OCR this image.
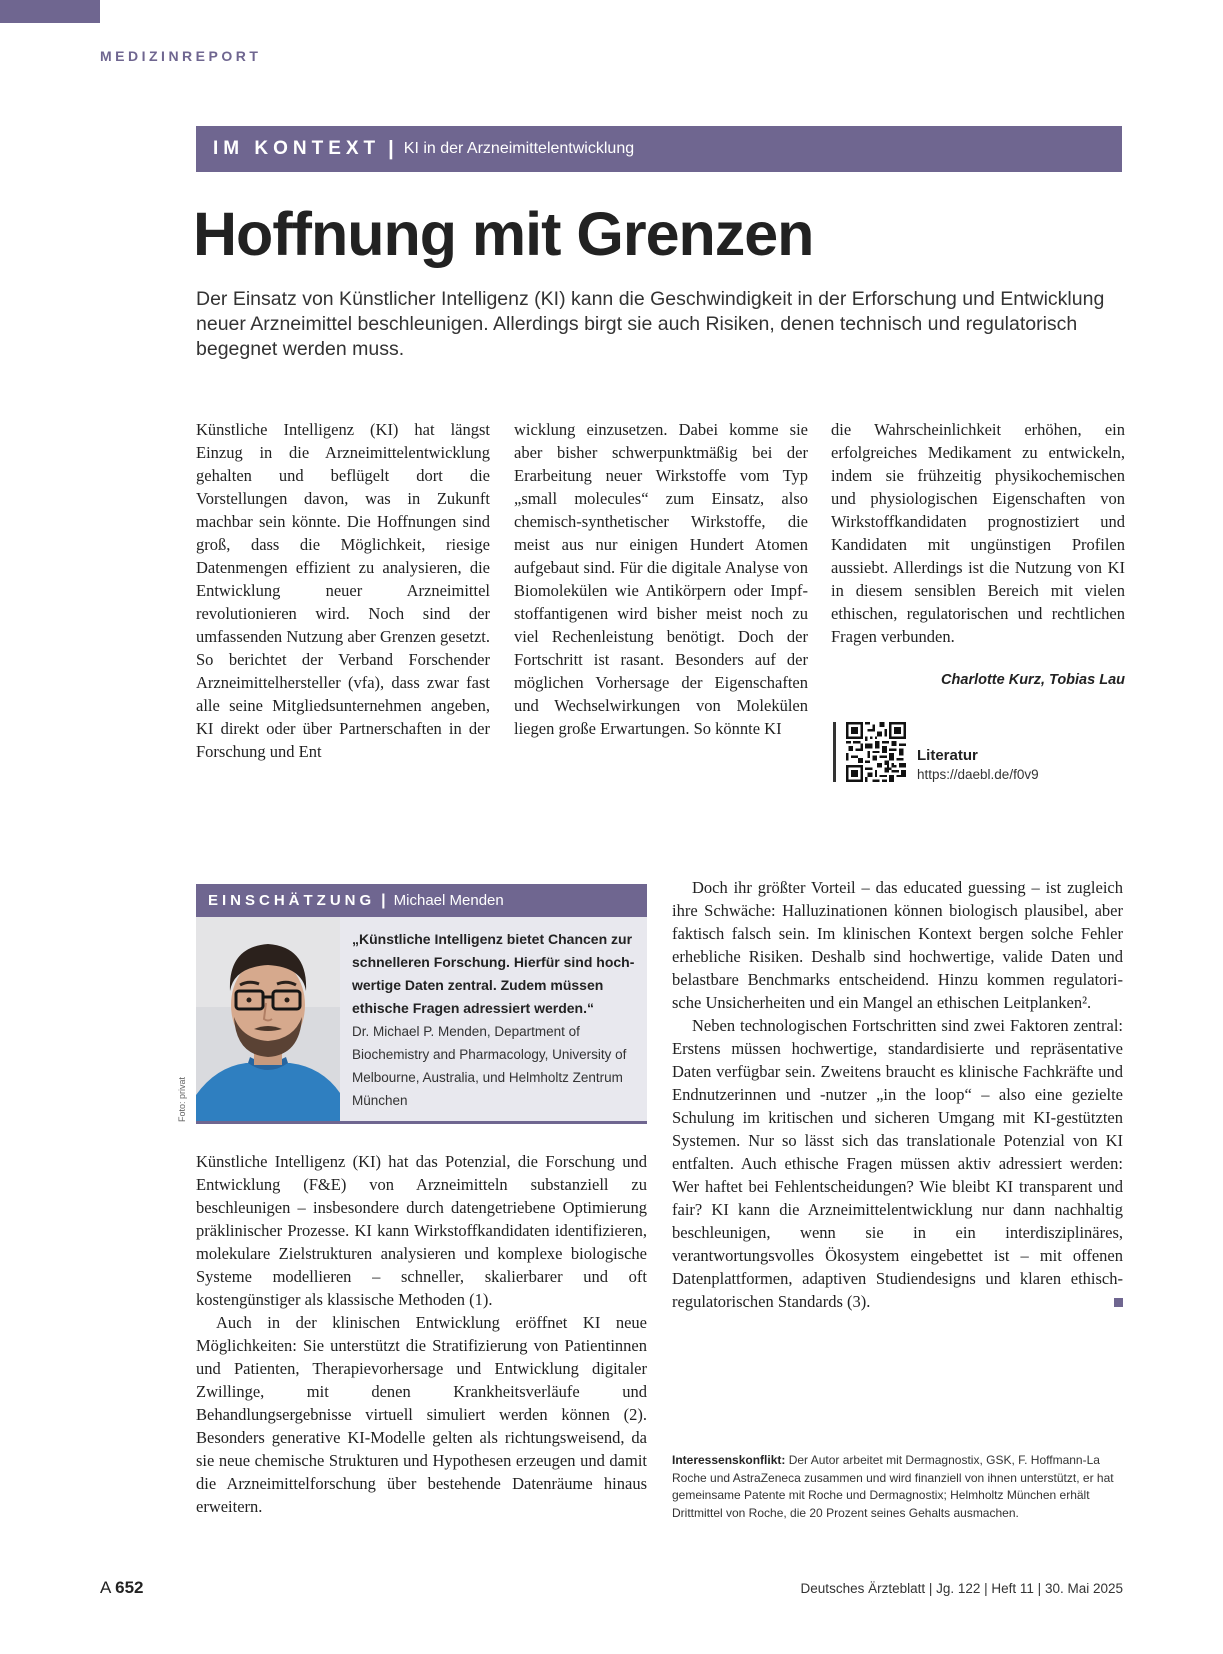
MEDIZINREPORT
IM KONTEXT | KI in der Arzneimittelentwicklung
Hoffnung mit Grenzen

Der Einsatz von Künstlicher Intelligenz (KI) kann die Geschwindigkeit in der Erforschung und Entwicklung neuer Arzneimittel beschleunigen. Allerdings birgt sie auch Risiken, denen technisch und regulatorisch begegnet werden muss.

Künstliche Intelligenz (KI) hat längst Einzug in die Arzneimittelentwicklung gehalten und beflügelt dort die Vorstellungen davon, was in Zukunft machbar sein könnte. Die Hoffnungen sind groß, dass die Möglichkeit, riesige Datenmengen effizient zu analysieren, die Entwicklung neuer Arzneimittel revolutionieren wird. Noch sind der umfassenden Nutzung aber Grenzen gesetzt. So berichtet der Verband Forschender Arzneimittelhersteller (vfa), dass zwar fast alle seine Mitgliedsunternehmen angeben, KI direkt oder über Partnerschaften in der Forschung und Ent

wicklung einzusetzen. Dabei komme sie aber bisher schwerpunktmäßig bei der Erarbeitung neuer Wirkstoffe vom Typ „small molecules“ zum Einsatz, also chemisch-synthetischer Wirkstoffe, die meist aus nur einigen Hundert Atomen aufgebaut sind. Für die digitale Analyse von Biomolekülen wie Antikörpern oder Impfstoffantigenen wird bisher meist noch zu viel Rechenleistung benötigt. Doch der Fortschritt ist rasant. Besonders auf der möglichen Vorhersage der Eigenschaften und Wechselwirkungen von Molekülen liegen große Erwartungen. So könnte KI

die Wahrscheinlichkeit erhöhen, ein erfolgreiches Medikament zu entwickeln, indem sie frühzeitig physikochemischen und physiologischen Eigenschaften von Wirkstoffkandidaten prognostiziert und Kandidaten mit ungünstigen Profilen aussiebt. Allerdings ist die Nutzung von KI in diesem sensiblen Bereich mit vielen ethischen, regulatorischen und rechtlichen Fragen verbunden.

Charlotte Kurz, Tobias Lau

Literatur

https://daebl.de/f0v9

EINSCHÄTZUNG | Michael Menden

Foto: privat

„Künstliche Intelligenz bietet Chancen zur schnelleren Forschung. Hierfür sind hochwertige Daten zentral. Zudem müssen ethische Fragen adressiert werden.“

Dr. Michael P. Menden, Department of Biochemistry and Pharmacology, University of Melbourne, Australia, und Helmholtz Zentrum München

Künstliche Intelligenz (KI) hat das Potenzial, die Forschung und Entwicklung (F&E) von Arzneimitteln substanziell zu beschleunigen – insbesondere durch datengetriebene Optimierung präklinischer Prozesse. KI kann Wirkstoffkandidaten identifizieren, molekulare Zielstrukturen analysieren und komplexe biologische Systeme modellieren – schneller, skalierbarer und oft kostengünstiger als klassische Methoden (1).
Auch in der klinischen Entwicklung eröffnet KI neue Möglichkeiten: Sie unterstützt die Stratifizierung von Patientinnen und Patienten, Therapievorhersage und Entwicklung digitaler Zwillinge, mit denen Krankheitsverläufe und Behandlungsergebnisse virtuell simuliert werden können (2). Besonders generative KI-Modelle gelten als richtungsweisend, da sie neue chemische Strukturen und Hypothesen erzeugen und damit die Arzneimittelforschung über bestehende Datenräume hinaus erweitern.
Doch ihr größter Vorteil – das educated guessing – ist zugleich ihre Schwäche: Halluzinationen können biologisch plausibel, aber faktisch falsch sein. Im klinischen Kontext bergen solche Fehler erhebliche Risiken. Deshalb sind hochwertige, valide Daten und belastbare Benchmarks entscheidend. Hinzu kommen regulatorische Unsicherheiten und ein Mangel an ethischen Leitplanken².
Neben technologischen Fortschritten sind zwei Faktoren zentral: Erstens müssen hochwertige, standardisierte und repräsentative Daten verfügbar sein. Zweitens braucht es klinische Fachkräfte und Endnutzerinnen und -nutzer „in the loop“ – also eine gezielte Schulung im kritischen und sicheren Umgang mit KI-gestützten Systemen. Nur so lässt sich das translationale Potenzial von KI entfalten. Auch ethische Fragen müssen aktiv adressiert werden: Wer haftet bei Fehlentscheidungen? Wie bleibt KI transparent und fair? KI kann die Arzneimittelentwicklung nur dann nachhaltig beschleunigen, wenn sie in ein interdisziplinäres, verantwortungsvolles Ökosystem eingebettet ist – mit offenen Datenplattformen, adaptiven Studiendesigns und klaren ethisch-regulatorischen Standards (3).

Interessenskonflikt: Der Autor arbeitet mit Dermagnostix, GSK, F. Hoffmann-La Roche und AstraZeneca zusammen und wird finanziell von ihnen unterstützt, er hat gemeinsame Patente mit Roche und Dermagnostix; Helmholtz München erhält Drittmittel von Roche, die 20 Prozent seines Gehalts ausmachen.

A 652	Deutsches Ärzteblatt | Jg. 122 | Heft 11 | 30. Mai 2025
